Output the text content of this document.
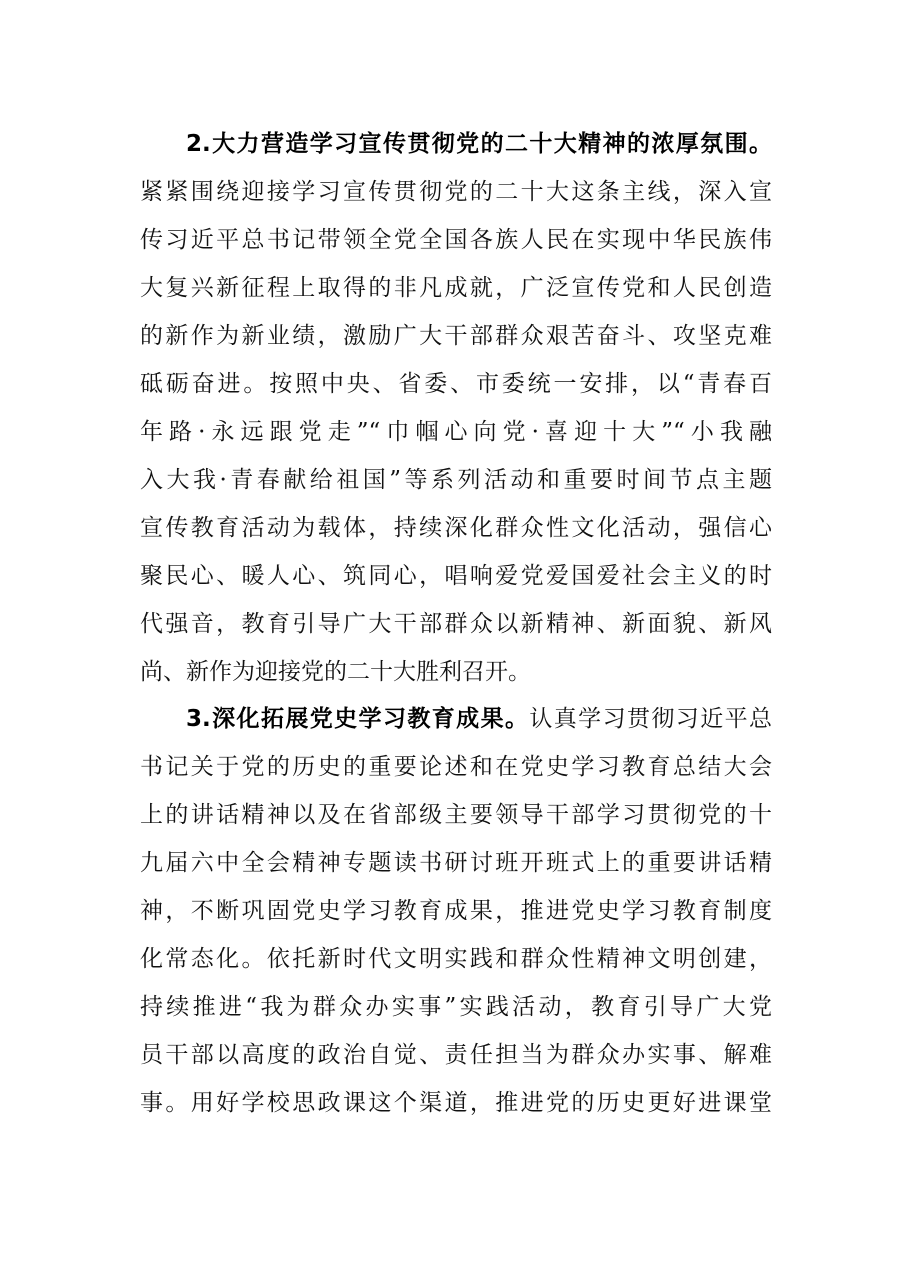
2.大力营造学习宣传贯彻党的二十大精神的浓厚氛围。
紧紧围绕迎接学习宣传贯彻党的二十大这条主线，深入宣
传习近平总书记带领全党全国各族人民在实现中华民族伟
大复兴新征程上取得的非凡成就，广泛宣传党和人民创造
的新作为新业绩，激励广大干部群众艰苦奋斗、攻坚克难
砥砺奋进。按照中央、省委、市委统一安排，以“青春百
年路·永远跟党走”“巾帼心向党·喜迎十大”“小我融
入大我·青春献给祖国”等系列活动和重要时间节点主题
宣传教育活动为载体，持续深化群众性文化活动，强信心
聚民心、暖人心、筑同心，唱响爱党爱国爱社会主义的时
代强音，教育引导广大干部群众以新精神、新面貌、新风
尚、新作为迎接党的二十大胜利召开。
3.深化拓展党史学习教育成果。认真学习贯彻习近平总
书记关于党的历史的重要论述和在党史学习教育总结大会
上的讲话精神以及在省部级主要领导干部学习贯彻党的十
九届六中全会精神专题读书研讨班开班式上的重要讲话精
神，不断巩固党史学习教育成果，推进党史学习教育制度
化常态化。依托新时代文明实践和群众性精神文明创建，
持续推进“我为群众办实事”实践活动，教育引导广大党
员干部以高度的政治自觉、责任担当为群众办实事、解难
事。用好学校思政课这个渠道，推进党的历史更好进课堂
